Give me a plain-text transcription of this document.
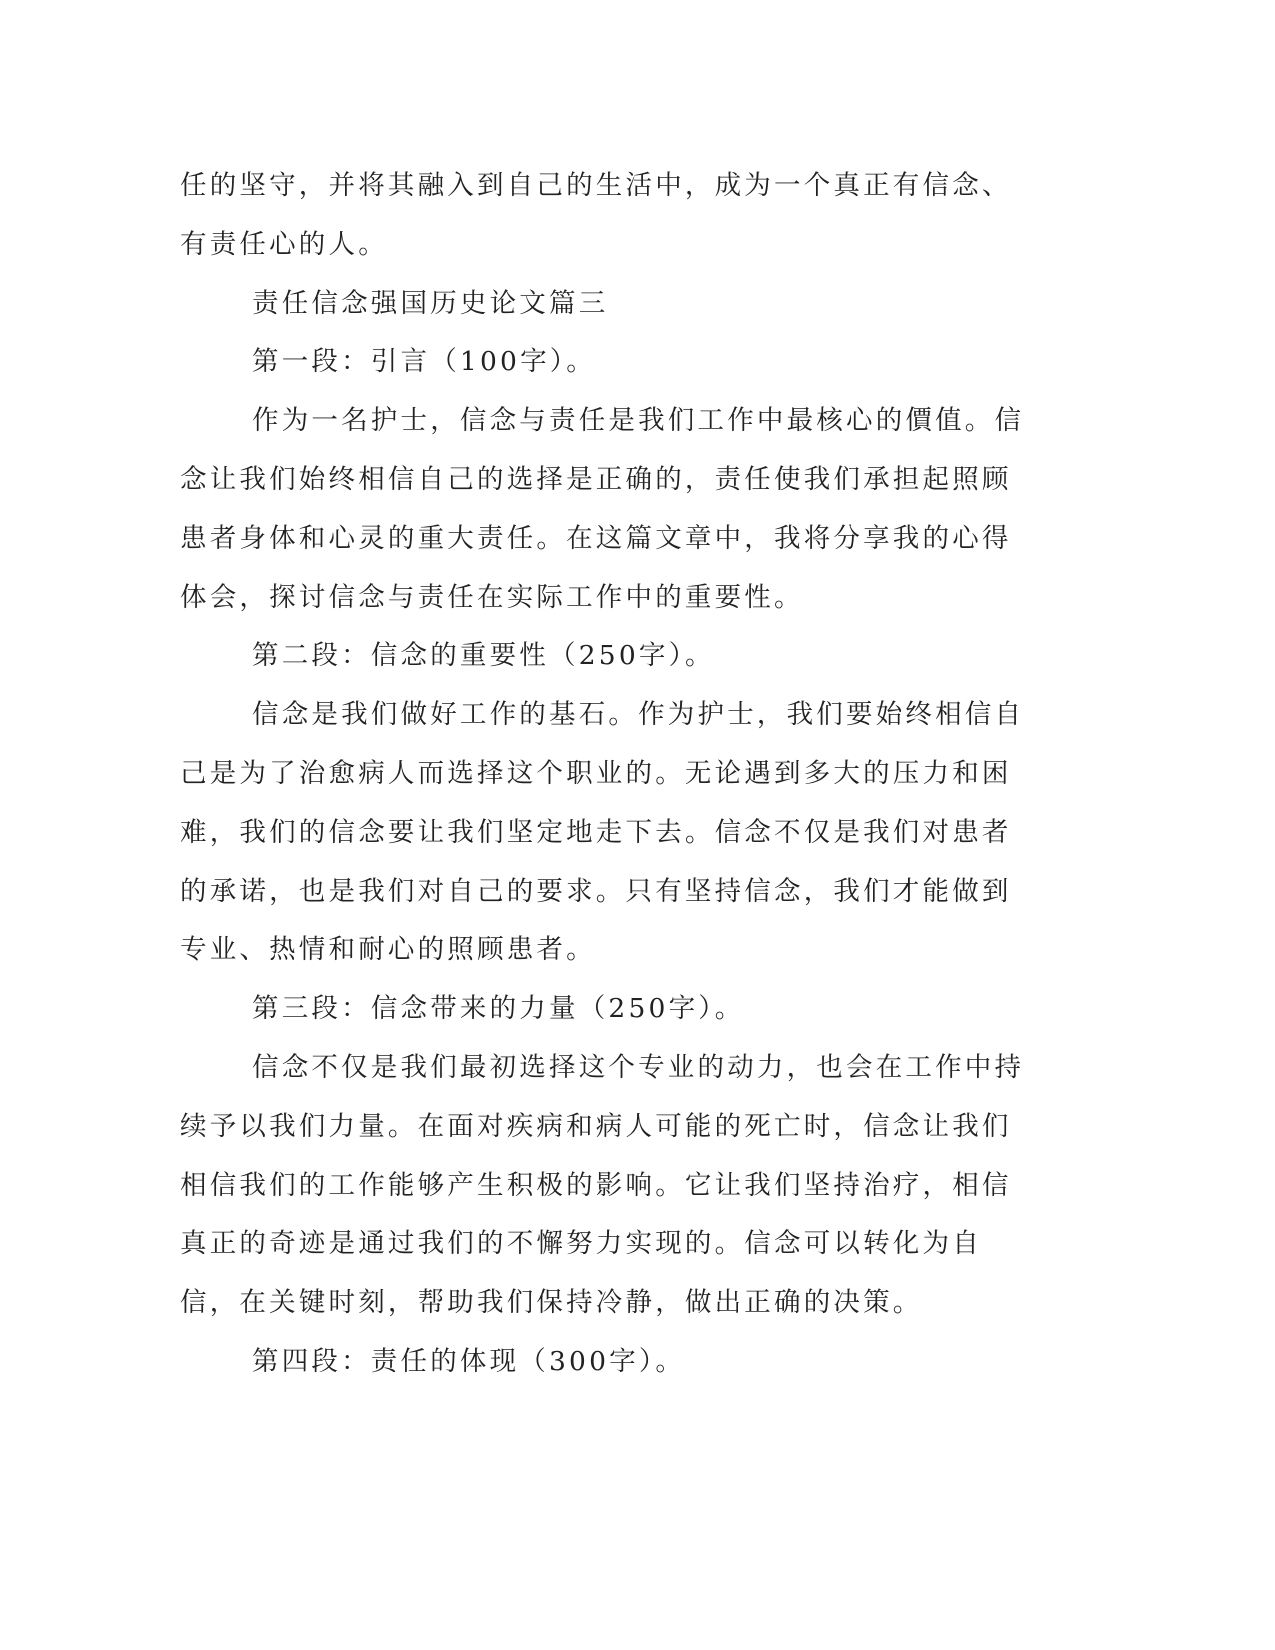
任的坚守，并将其融入到自己的生活中，成为一个真正有信念、有责任心的人。

责任信念强国历史论文篇三

第一段：引言（100字）。

作为一名护士，信念与责任是我们工作中最核心的價值。信念让我们始终相信自己的选择是正确的，责任使我们承担起照顾患者身体和心灵的重大责任。在这篇文章中，我将分享我的心得体会，探讨信念与责任在实际工作中的重要性。

第二段：信念的重要性（250字）。

信念是我们做好工作的基石。作为护士，我们要始终相信自己是为了治愈病人而选择这个职业的。无论遇到多大的压力和困难，我们的信念要让我们坚定地走下去。信念不仅是我们对患者的承诺，也是我们对自己的要求。只有坚持信念，我们才能做到专业、热情和耐心的照顾患者。

第三段：信念带来的力量（250字）。

信念不仅是我们最初选择这个专业的动力，也会在工作中持续予以我们力量。在面对疾病和病人可能的死亡时，信念让我们相信我们的工作能够产生积极的影响。它让我们坚持治疗，相信真正的奇迹是通过我们的不懈努力实现的。信念可以转化为自信，在关键时刻，帮助我们保持冷静，做出正确的决策。

第四段：责任的体现（300字）。
